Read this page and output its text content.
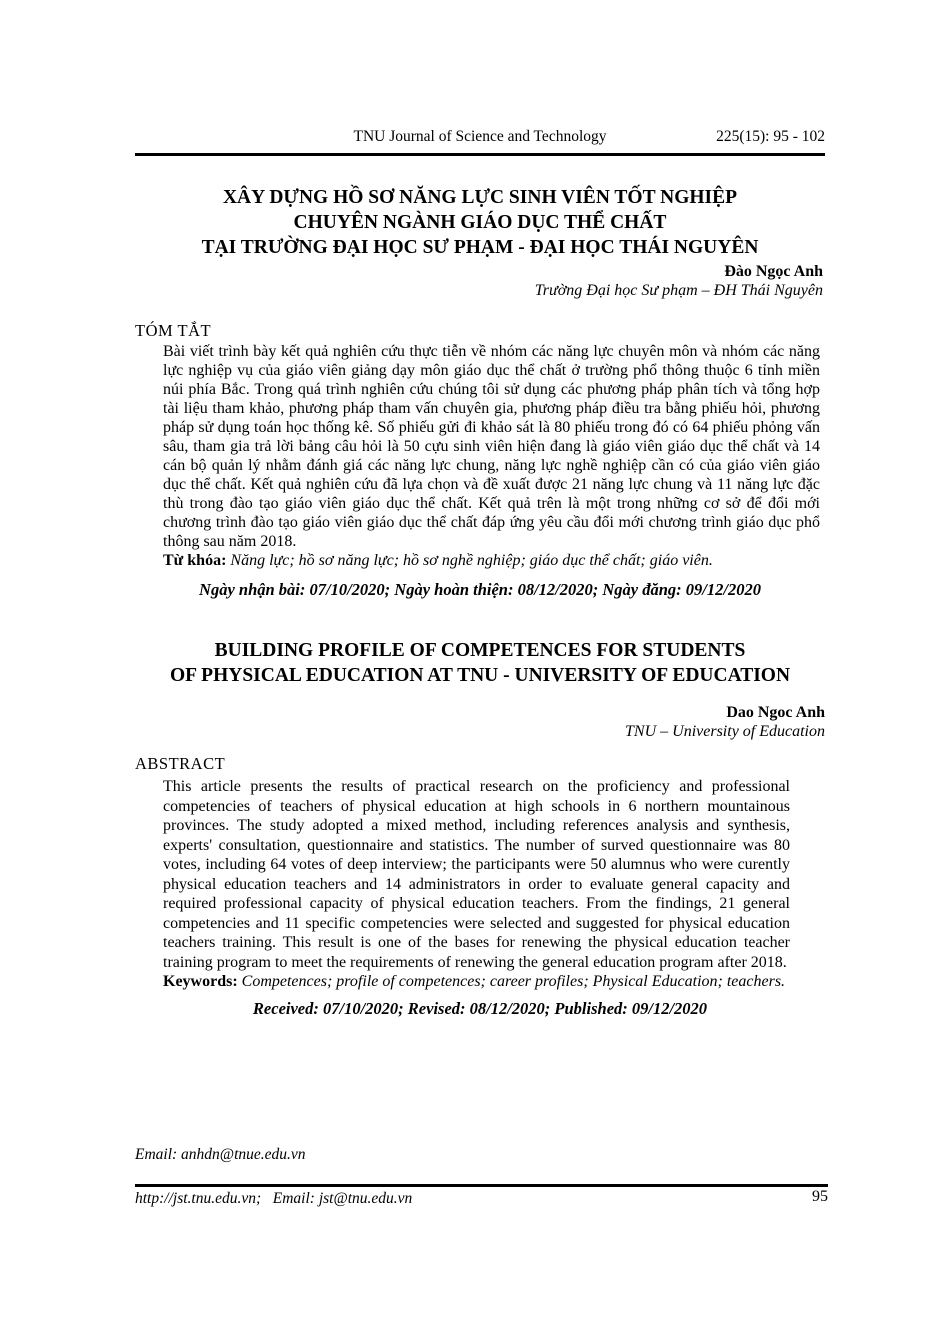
TNU Journal of Science and Technology	225(15): 95 - 102
XÂY DỰNG HỒ SƠ NĂNG LỰC SINH VIÊN TỐT NGHIỆP
CHUYÊN NGÀNH GIÁO DỤC THỂ CHẤT
TẠI TRƯỜNG ĐẠI HỌC SƯ PHẠM - ĐẠI HỌC THÁI NGUYÊN
Đào Ngọc Anh
Trường Đại học Sư phạm – ĐH Thái Nguyên
TÓM TẮT
Bài viết trình bày kết quả nghiên cứu thực tiễn về nhóm các năng lực chuyên môn và nhóm các năng lực nghiệp vụ của giáo viên giảng dạy môn giáo dục thể chất ở trường phổ thông thuộc 6 tỉnh miền núi phía Bắc. Trong quá trình nghiên cứu chúng tôi sử dụng các phương pháp phân tích và tổng hợp tài liệu tham khảo, phương pháp tham vấn chuyên gia, phương pháp điều tra bằng phiếu hỏi, phương pháp sử dụng toán học thống kê. Số phiếu gửi đi khảo sát là 80 phiếu trong đó có 64 phiếu phỏng vấn sâu, tham gia trả lời bảng câu hỏi là 50 cựu sinh viên hiện đang là giáo viên giáo dục thể chất và 14 cán bộ quản lý nhằm đánh giá các năng lực chung, năng lực nghề nghiệp cần có của giáo viên giáo dục thể chất. Kết quả nghiên cứu đã lựa chọn và đề xuất được 21 năng lực chung và 11 năng lực đặc thù trong đào tạo giáo viên giáo dục thể chất. Kết quả trên là một trong những cơ sở để đổi mới chương trình đào tạo giáo viên giáo dục thể chất đáp ứng yêu cầu đổi mới chương trình giáo dục phổ thông sau năm 2018.
Từ khóa: Năng lực; hồ sơ năng lực; hồ sơ nghề nghiệp; giáo dục thể chất; giáo viên.
Ngày nhận bài: 07/10/2020; Ngày hoàn thiện: 08/12/2020; Ngày đăng: 09/12/2020
BUILDING PROFILE OF COMPETENCES FOR STUDENTS
OF PHYSICAL EDUCATION AT TNU - UNIVERSITY OF EDUCATION
Dao Ngoc Anh
TNU – University of Education
ABSTRACT
This article presents the results of practical research on the proficiency and professional competencies of teachers of physical education at high schools in 6 northern mountainous provinces. The study adopted a mixed method, including references analysis and synthesis, experts' consultation, questionnaire and statistics. The number of surved questionnaire was 80 votes, including 64 votes of deep interview; the participants were 50 alumnus who were curently physical education teachers and 14 administrators in order to evaluate general capacity and required professional capacity of physical education teachers. From the findings, 21 general competencies and 11 specific competencies were selected and suggested for physical education teachers training. This result is one of the bases for renewing the physical education teacher training program to meet the requirements of renewing the general education program after 2018.
Keywords: Competences; profile of competences; career profiles; Physical Education; teachers.
Received: 07/10/2020; Revised: 08/12/2020; Published: 09/12/2020
Email: anhdn@tnue.edu.vn
http://jst.tnu.edu.vn;   Email: jst@tnu.edu.vn	95
